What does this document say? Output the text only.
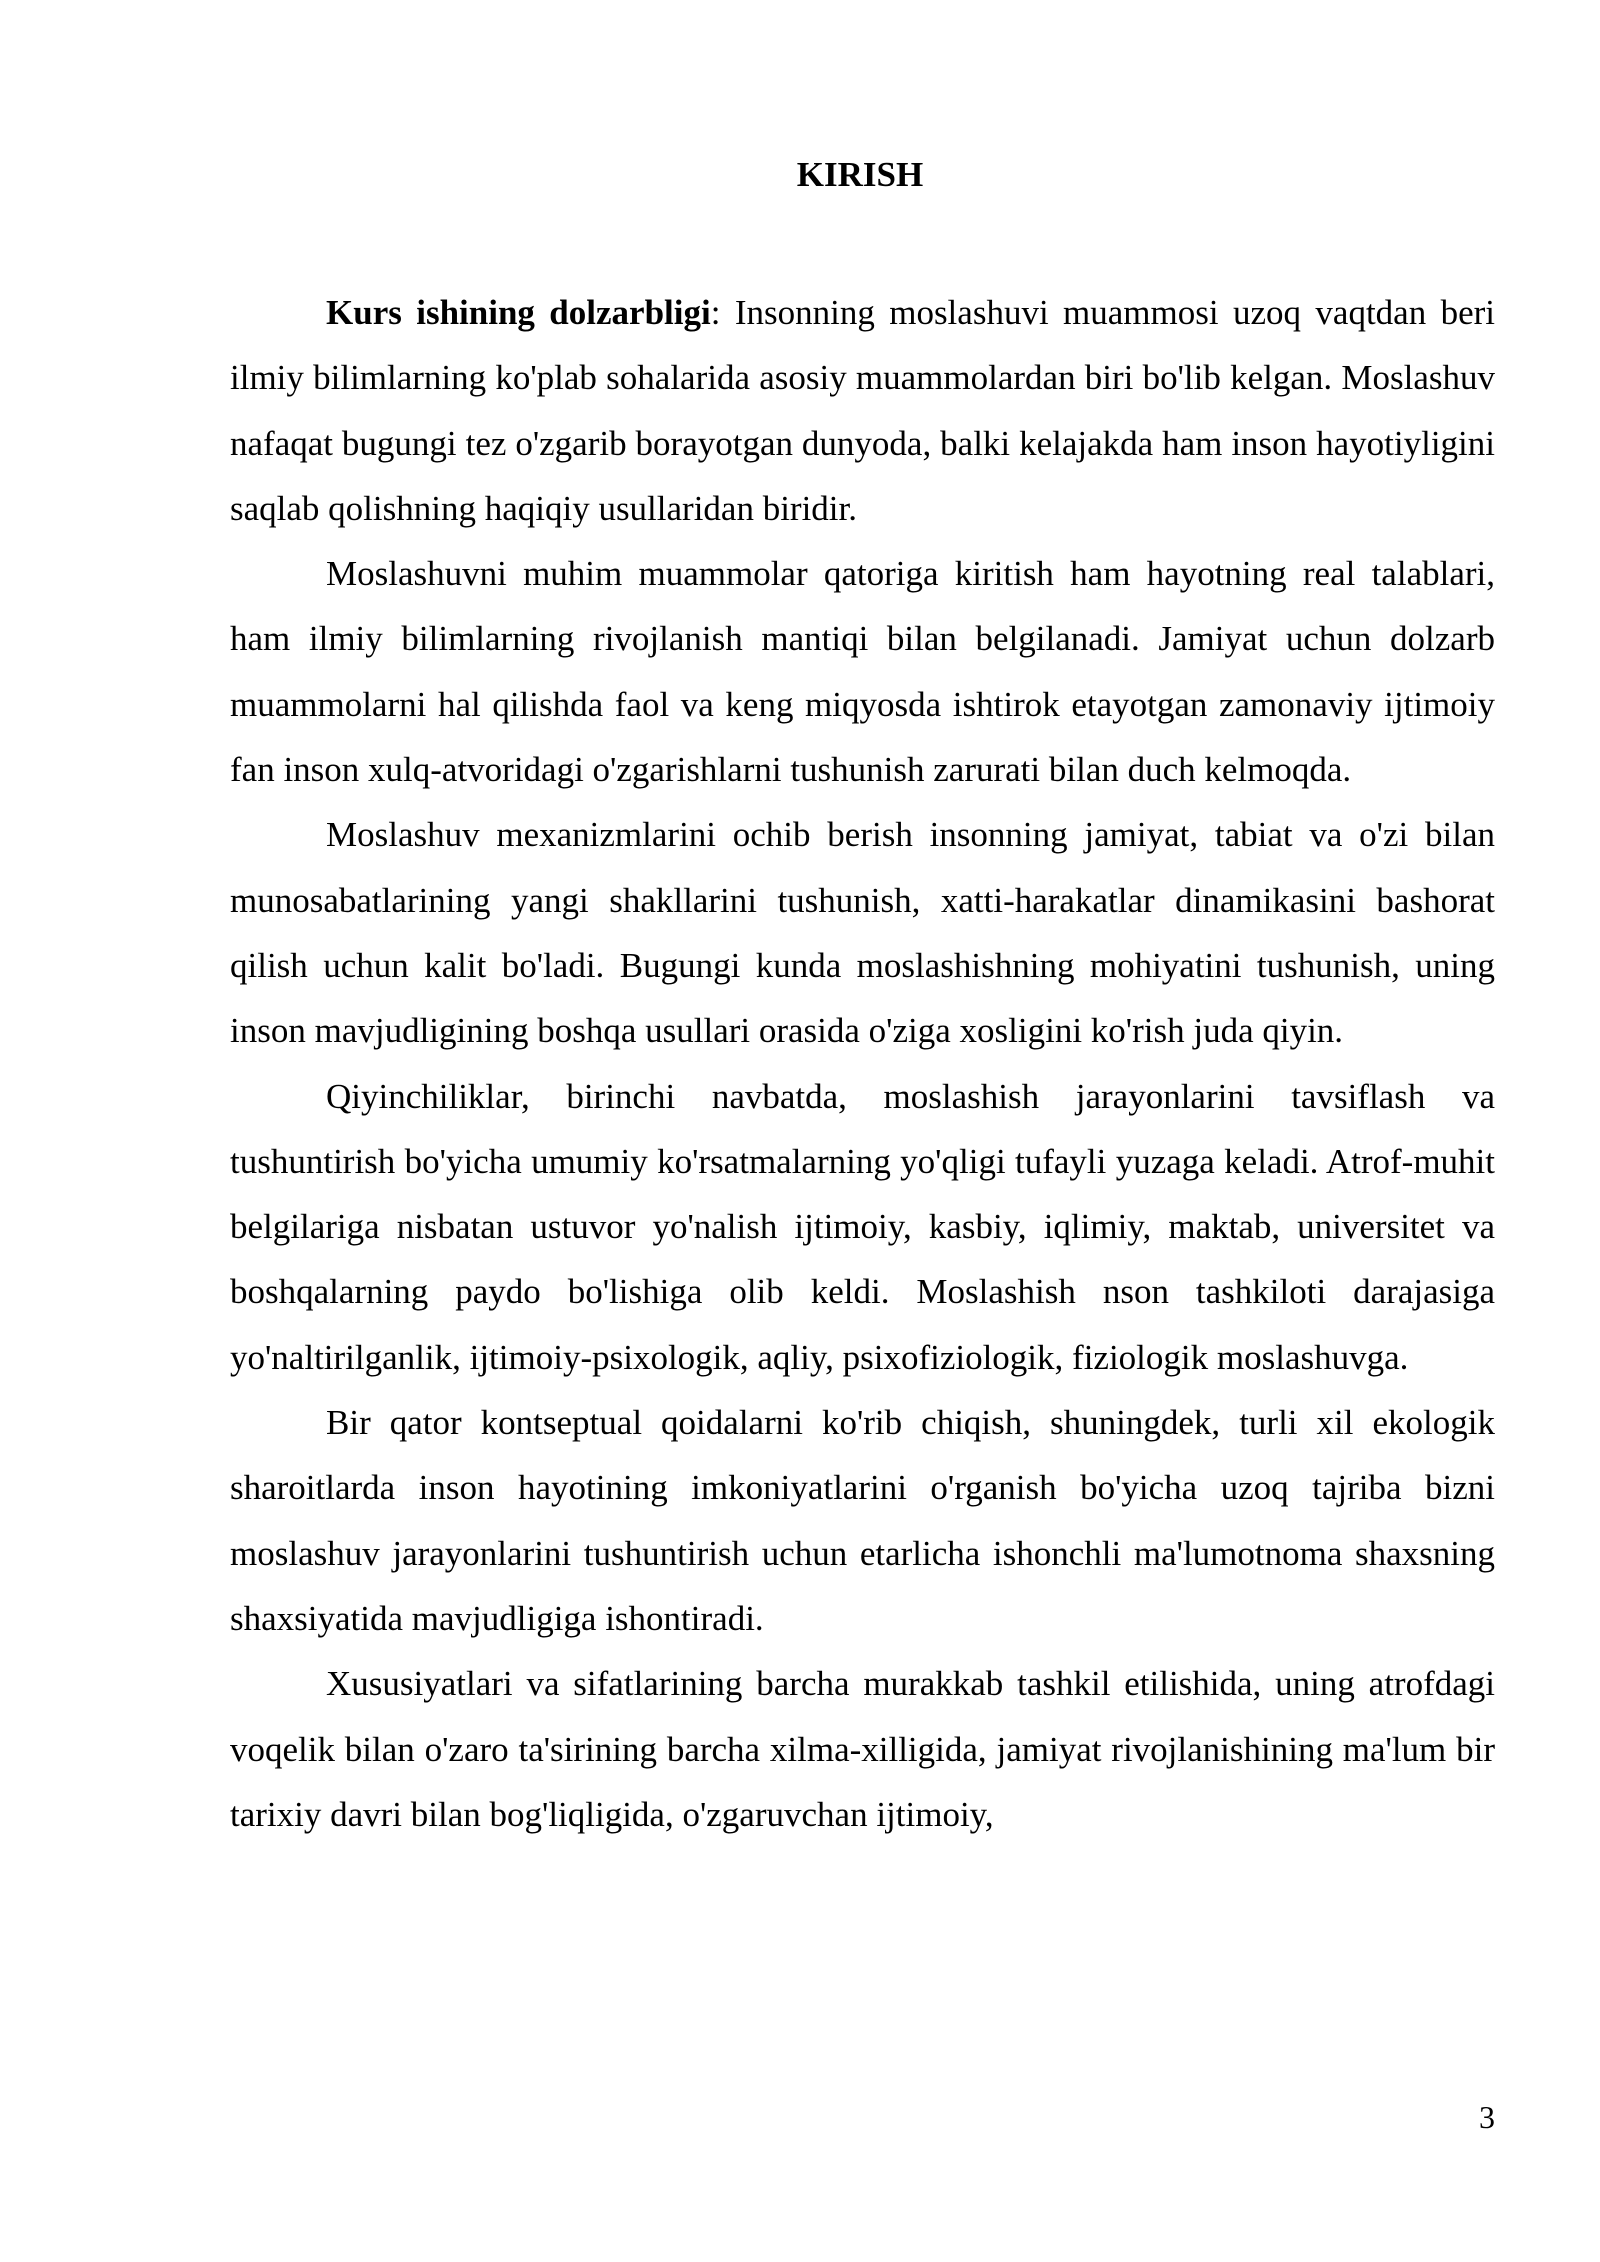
KIRISH

Kurs ishining dolzarbligi: Insonning moslashuvi muammosi uzoq vaqtdan beri ilmiy bilimlarning ko'plab sohalarida asosiy muammolardan biri bo'lib kelgan. Moslashuv nafaqat bugungi tez o'zgarib borayotgan dunyoda, balki kelajakda ham inson hayotiyligini saqlab qolishning haqiqiy usullaridan biridir.

Moslashuvni muhim muammolar qatoriga kiritish ham hayotning real talablari, ham ilmiy bilimlarning rivojlanish mantiqi bilan belgilanadi. Jamiyat uchun dolzarb muammolarni hal qilishda faol va keng miqyosda ishtirok etayotgan zamonaviy ijtimoiy fan inson xulq-atvoridagi o'zgarishlarni tushunish zarurati bilan duch kelmoqda.

Moslashuv mexanizmlarini ochib berish insonning jamiyat, tabiat va o'zi bilan munosabatlarining yangi shakllarini tushunish, xatti-harakatlar dinamikasini bashorat qilish uchun kalit bo'ladi. Bugungi kunda moslashishning mohiyatini tushunish, uning inson mavjudligining boshqa usullari orasida o'ziga xosligini ko'rish juda qiyin.

Qiyinchiliklar, birinchi navbatda, moslashish jarayonlarini tavsiflash va tushuntirish bo'yicha umumiy ko'rsatmalarning yo'qligi tufayli yuzaga keladi. Atrof-muhit belgilariga nisbatan ustuvor yo'nalish ijtimoiy, kasbiy, iqlimiy, maktab, universitet va boshqalarning paydo bo'lishiga olib keldi. Moslashish nson tashkiloti darajasiga yo'naltirilganlik, ijtimoiy-psixologik, aqliy, psixofiziologik, fiziologik moslashuvga.

Bir qator kontseptual qoidalarni ko'rib chiqish, shuningdek, turli xil ekologik sharoitlarda inson hayotining imkoniyatlarini o'rganish bo'yicha uzoq tajriba bizni moslashuv jarayonlarini tushuntirish uchun etarlicha ishonchli ma'lumotnoma shaxsning shaxsiyatida mavjudligiga ishontiradi.

Xususiyatlari va sifatlarining barcha murakkab tashkil etilishida, uning atrofdagi voqelik bilan o'zaro ta'sirining barcha xilma-xilligida, jamiyat rivojlanishining ma'lum bir tarixiy davri bilan bog'liqligida, o'zgaruvchan ijtimoiy,

3
